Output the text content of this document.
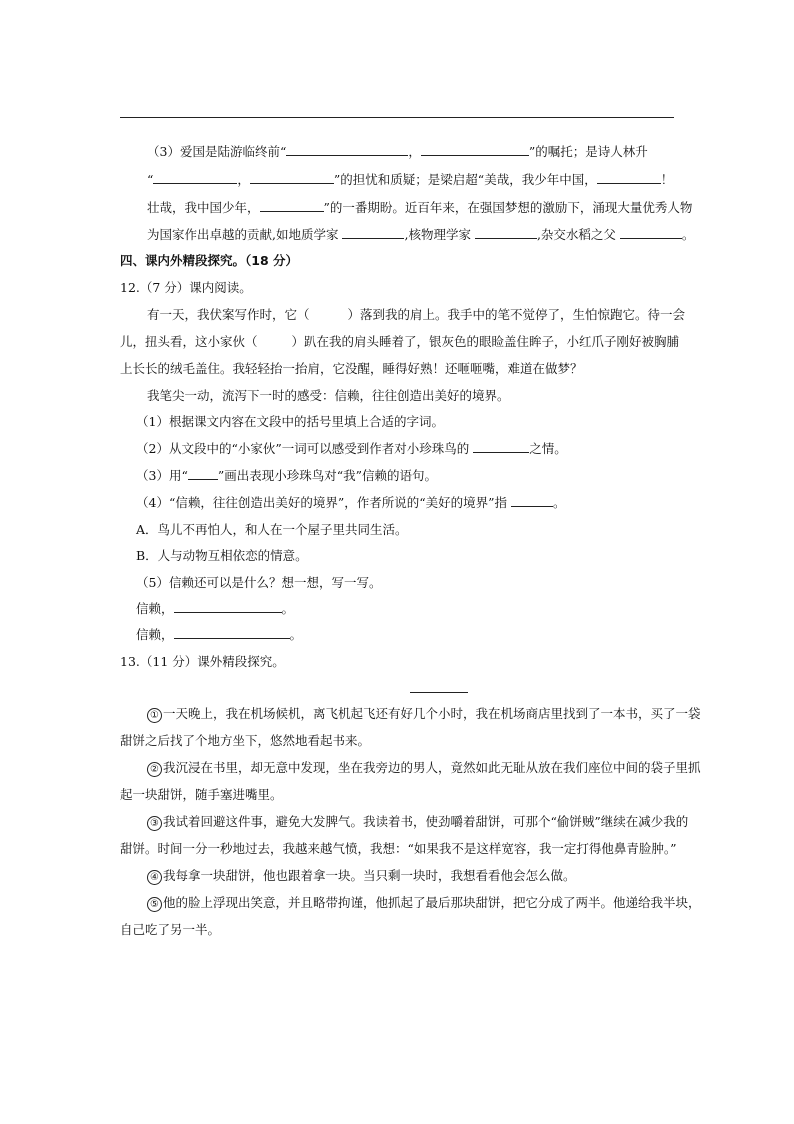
（3）爱国是陆游临终前“	，	”的嘱托；是诗人林升
“	，	”的担忧和质疑；是梁启超“美哉，我少年中国，	！
壮哉，我中国少年，	”的一番期盼。近百年来，在强国梦想的激励下，涌现大量优秀人物
为国家作出卓越的贡献,如地质学家	,核物理学家	,杂交水稻之父	。
四、课内外精段探究。（18 分）
12.（7 分）课内阅读。
有一天，我伏案写作时，它（	）落到我的肩上。我手中的笔不觉停了，生怕惊跑它。待一会
儿，扭头看，这小家伙（	）趴在我的肩头睡着了，银灰色的眼睑盖住眸子，小红爪子刚好被胸脯
上长长的绒毛盖住。我轻轻抬一抬肩，它没醒，睡得好熟！还咂咂嘴，难道在做梦？
我笔尖一动，流泻下一时的感受：信赖，往往创造出美好的境界。
（1）根据课文内容在文段中的括号里填上合适的字词。
（2）从文段中的“小家伙”一词可以感受到作者对小珍珠鸟的	之情。
（3）用“ ”画出表现小珍珠鸟对“我”信赖的语句。
（4）“信赖，往往创造出美好的境界”，作者所说的“美好的境界”指	。
A．鸟儿不再怕人，和人在一个屋子里共同生活。
B．人与动物互相依恋的情意。
（5）信赖还可以是什么？想一想，写一写。
信赖，	。
信赖，	。
13.（11 分）课外精段探究。
① 一天晚上，我在机场候机，离飞机起飞还有好几个小时，我在机场商店里找到了一本书，买了一袋
甜饼之后找了个地方坐下，悠然地看起书来。
② 我沉浸在书里，却无意中发现，坐在我旁边的男人，竟然如此无耻从放在我们座位中间的袋子里抓
起一块甜饼，随手塞进嘴里。
③ 我试着回避这件事，避免大发脾气。我读着书，使劲嚼着甜饼，可那个“偷饼贼”继续在减少我的
甜饼。时间一分一秒地过去，我越来越气愤，我想：“如果我不是这样宽容，我一定打得他鼻青脸肿。”
④ 我每拿一块甜饼，他也跟着拿一块。当只剩一块时，我想看看他会怎么做。
⑤ 他的脸上浮现出笑意，并且略带拘谨，他抓起了最后那块甜饼，把它分成了两半。他递给我半块，
自己吃了另一半。
